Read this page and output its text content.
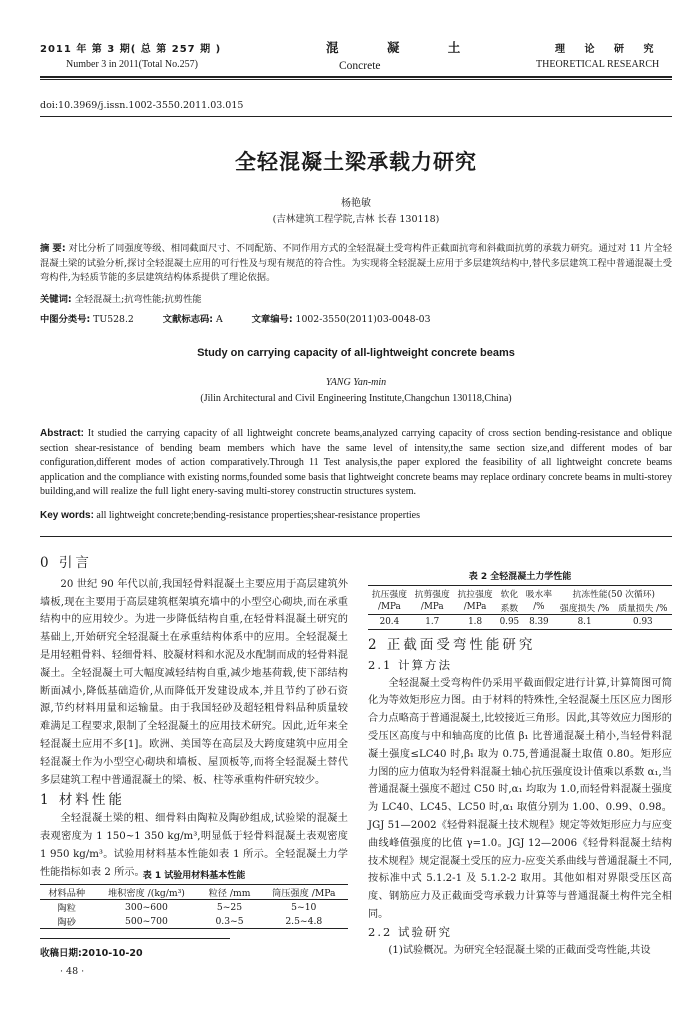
2011 年 第 3 期( 总 第 257 期 )
Number 3 in 2011(Total No.257)
混 凝 土
Concrete
理 论 研 究
THEORETICAL RESEARCH
doi:10.3969/j.issn.1002-3550.2011.03.015
全轻混凝土梁承载力研究
杨艳敏
(吉林建筑工程学院,吉林 长春 130118)
摘 要: 对比分析了同强度等级、相同截面尺寸、不同配筋、不同作用方式的全轻混凝土受弯构件正截面抗弯和斜截面抗剪的承载力研究。通过对 11 片全轻混凝土梁的试验分析,探讨全轻混凝土应用的可行性及与现有规范的符合性。为实现将全轻混凝土应用于多层建筑结构中,替代多层建筑工程中普通混凝土受弯构件,为轻质节能的多层建筑结构体系提供了理论依据。
关键词: 全轻混凝土;抗弯性能;抗剪性能
中图分类号: TU528.2	文献标志码: A	文章编号: 1002-3550(2011)03-0048-03
Study on carrying capacity of all-lightweight concrete beams
YANG Yan-min
(Jilin Architectural and Civil Engineering Institute,Changchun 130118,China)
Abstract: It studied the carrying capacity of all lightweight concrete beams,analyzed carrying capacity of cross section bending-resistance and oblique section shear-resistance of bending beam members which have the same level of intensity,the same section size,and different modes of bar configuration,different modes of action comparatively.Through 11 Test analysis,the paper explored the feasibility of all lightweight concrete beams application and the compliance with existing norms,founded some basis that lightweight concrete beams may replace ordinary concrete beams in multi-storey building,and will realize the full light enery-saving multi-storey constructin structures system.
Key words: all lightweight concrete;bending-resistance properties;shear-resistance properties
0 引言

20 世纪 90 年代以前,我国轻骨料混凝土主要应用于高层建筑外墙板,现在主要用于高层建筑框架填充墙中的小型空心砌块,而在承重结构中的应用较少。为进一步降低结构自重,在轻骨料混凝土研究的基础上,开始研究全轻混凝土在承重结构体系中的应用。全轻混凝土是用轻粗骨料、轻细骨料、胶凝材料和水泥及水配制而成的轻骨料混凝土。全轻混凝土可大幅度减轻结构自重,减少地基荷载,使下部结构断面减小,降低基础造价,从而降低开发建设成本,并且节约了砂石资源,节约材料用量和运输量。由于我国轻砂及超轻粗骨料品种质量较难满足工程要求,限制了全轻混凝土的应用技术研究。因此,近年来全轻混凝土应用不多[1]。欧洲、美国等在高层及大跨度建筑中应用全轻混凝土作为小型空心砌块和墙板、屋顶板等,而将全轻混凝土替代多层建筑工程中普通混凝土的梁、板、柱等承重构件研究较少。

1 材料性能

全轻混凝土梁的粗、细骨料由陶粒及陶砂组成,试验梁的混凝土表观密度为 1 150~1 350 kg/m³,明显低于轻骨料混凝土表观密度 1 950 kg/m³。试验用材料基本性能如表 1 所示。全轻混凝土力学性能指标如表 2 所示。

表 1 试验用材料基本性能
材料品种	堆积密度 /(kg/m³)	粒径 /mm	筒压强度 /MPa
陶粒	300~600	5~25	5~10
陶砂	500~700	0.3~5	2.5~4.8
收稿日期:2010-10-20
· 48 ·
表 2 全轻混凝土力学性能
抗压强度	抗剪强度	抗拉强度	软化	吸水率	抗冻性能(50 次循环)	
/MPa	/MPa	/MPa	系数	/%	强度损失 /%	质量损失 /%
20.4	1.7	1.8	0.95	8.39	8.1	0.93
2 正截面受弯性能研究
2.1 计算方法

全轻混凝土受弯构件仍采用平截面假定进行计算,计算简图可简化为等效矩形应力图。由于材料的特殊性,全轻混凝土压区应力图形合力点略高于普通混凝土,比较接近三角形。因此,其等效应力图形的受压区高度与中和轴高度的比值 β₁ 比普通混凝土稍小,当轻骨料混凝土强度≤LC40 时,β₁ 取为 0.75,普通混凝土取值 0.80。矩形应力图的应力值取为轻骨料混凝土轴心抗压强度设计值乘以系数 α₁,当普通混凝土强度不超过 C50 时,α₁ 均取为 1.0,而轻骨料混凝土强度为 LC40、LC45、LC50 时,α₁ 取值分别为 1.00、0.99、0.98。JGJ 51—2002《轻骨料混凝土技术规程》规定等效矩形应力与应变曲线峰值强度的比值 γ=1.0。JGJ 12—2006《轻骨料混凝土结构技术规程》规定混凝土受压的应力-应变关系曲线与普通混凝土不同,按标准中式 5.1.2-1 及 5.1.2-2 取用。其他如相对界限受压区高度、钢筋应力及正截面受弯承载力计算等与普通混凝土构件完全相同。

2.2 试验研究

(1)试验概况。为研究全轻混凝土梁的正截面受弯性能,共设
